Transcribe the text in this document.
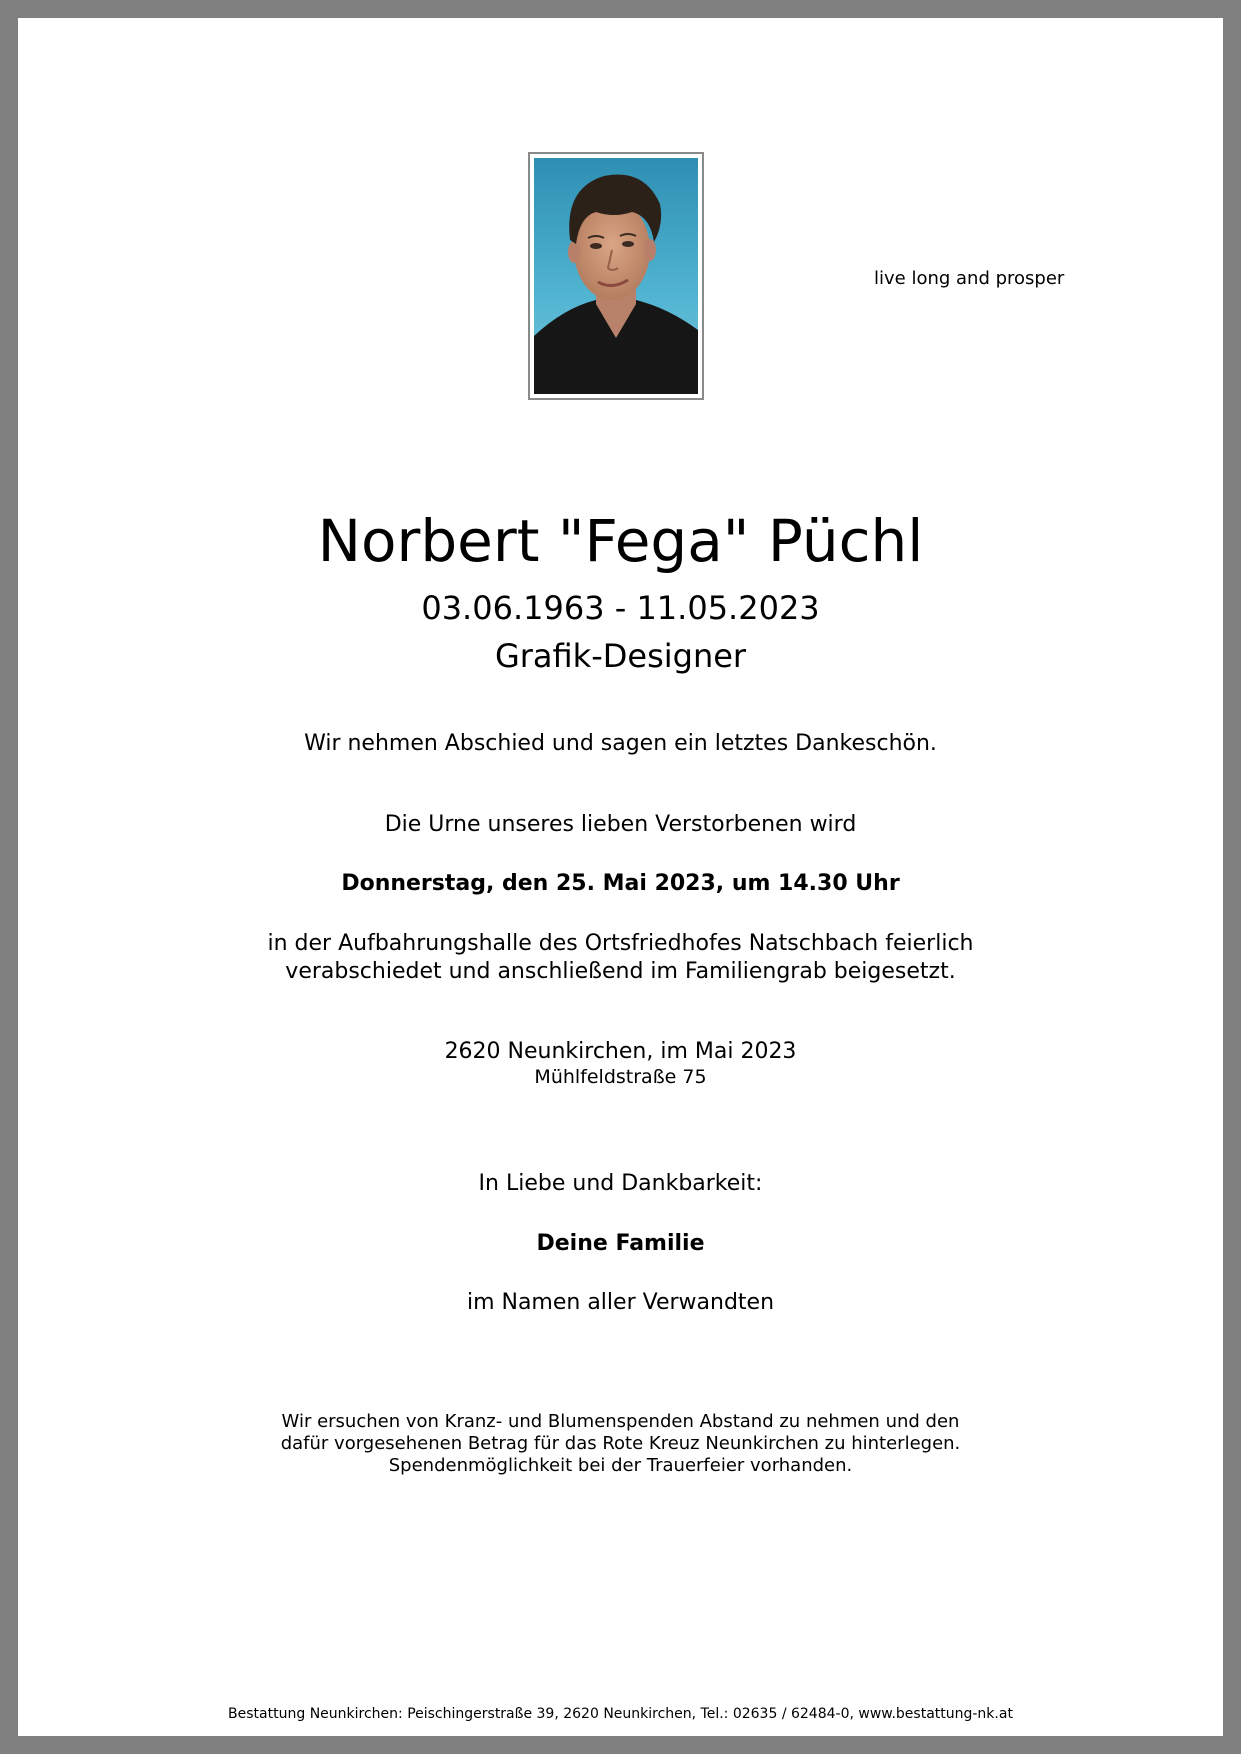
live long and prosper
Norbert "Fega" Püchl
03.06.1963 - 11.05.2023
Grafik-Designer
Wir nehmen Abschied und sagen ein letztes Dankeschön.
Die Urne unseres lieben Verstorbenen wird
Donnerstag, den 25. Mai 2023, um 14.30 Uhr
in der Aufbahrungshalle des Ortsfriedhofes Natschbach feierlich
verabschiedet und anschließend im Familiengrab beigesetzt.
2620 Neunkirchen, im Mai 2023
Mühlfeldstraße 75
In Liebe und Dankbarkeit:
Deine Familie
im Namen aller Verwandten
Wir ersuchen von Kranz- und Blumenspenden Abstand zu nehmen und den
dafür vorgesehenen Betrag für das Rote Kreuz Neunkirchen zu hinterlegen.
Spendenmöglichkeit bei der Trauerfeier vorhanden.
Bestattung Neunkirchen: Peischingerstraße 39, 2620 Neunkirchen, Tel.: 02635 / 62484-0, www.bestattung-nk.at
